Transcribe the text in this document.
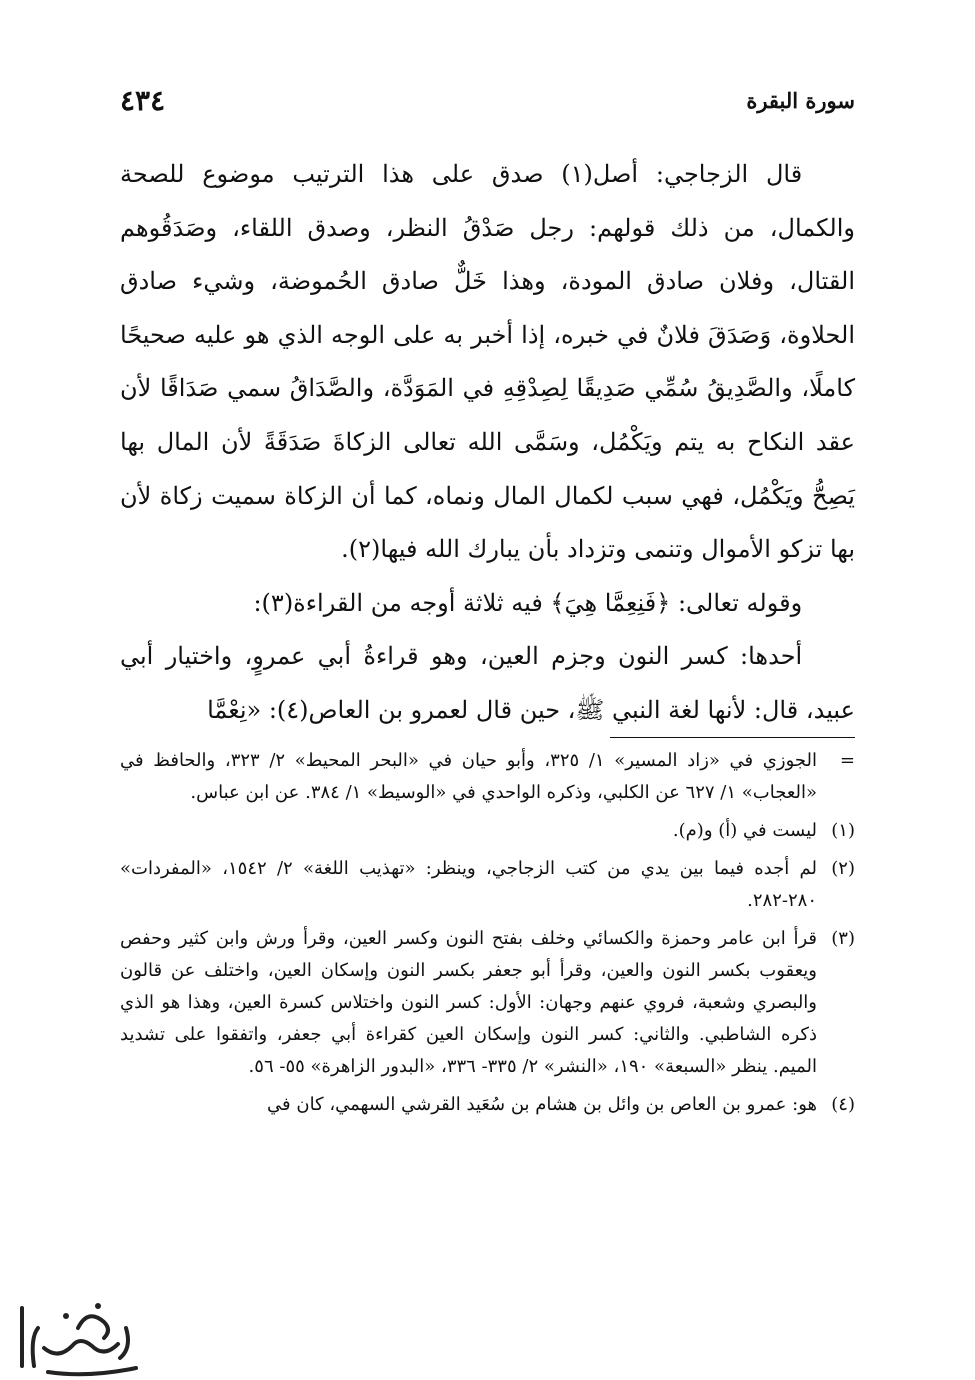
سورة البقرة
٤٣٤

قال الزجاجي: أصل(١) صدق على هذا الترتيب موضوع للصحة والكمال، من ذلك قولهم: رجل صَدْقُ النظر، وصدق اللقاء، وصَدَقُوهم القتال، وفلان صادق المودة، وهذا خَلٌّ صادق الحُموضة، وشيء صادق الحلاوة، وَصَدَقَ فلانٌ في خبره، إذا أخبر به على الوجه الذي هو عليه صحيحًا كاملًا، والصَّدِيقُ سُمِّي صَدِيقًا لِصِدْقِهِ في المَوَدَّة، والصَّدَاقُ سمي صَدَاقًا لأن عقد النكاح به يتم ويَكْمُل، وسَمَّى الله تعالى الزكاةَ صَدَقَةً لأن المال بها يَصِحُّ ويَكْمُل، فهي سبب لكمال المال ونماه، كما أن الزكاة سميت زكاة لأن بها تزكو الأموال وتنمى وتزداد بأن يبارك الله فيها(٢).

وقوله تعالى: ﴿فَنِعِمَّا هِيَ﴾ فيه ثلاثة أوجه من القراءة(٣):

أحدها: كسر النون وجزم العين، وهو قراءةُ أبي عمروٍ، واختيار أبي عبيد، قال: لأنها لغة النبي ﷺ، حين قال لعمرو بن العاص(٤): «نِعْمَّا

=
الجوزي في «زاد المسير» ١/ ٣٢٥، وأبو حيان في «البحر المحيط» ٢/ ٣٢٣، والحافظ في «العجاب» ١/ ٦٢٧ عن الكلبي، وذكره الواحدي في «الوسيط» ١/ ٣٨٤. عن ابن عباس.
(١)
ليست في (أ) و(م).
(٢)
لم أجده فيما بين يدي من كتب الزجاجي، وينظر: «تهذيب اللغة» ٢/ ١٥٤٢، «المفردات» ٢٨٠-٢٨٢.
(٣)
قرأ ابن عامر وحمزة والكسائي وخلف بفتح النون وكسر العين، وقرأ ورش وابن كثير وحفص ويعقوب بكسر النون والعين، وقرأ أبو جعفر بكسر النون وإسكان العين، واختلف عن قالون والبصري وشعبة، فروي عنهم وجهان: الأول: كسر النون واختلاس كسرة العين، وهذا هو الذي ذكره الشاطبي. والثاني: كسر النون وإسكان العين كقراءة أبي جعفر، واتفقوا على تشديد الميم. ينظر «السبعة» ١٩٠، «النشر» ٢/ ٣٣٥- ٣٣٦، «البدور الزاهرة» ٥٥- ٥٦.
(٤)
هو: عمرو بن العاص بن وائل بن هشام بن سُعَيد القرشي السهمي، كان في
